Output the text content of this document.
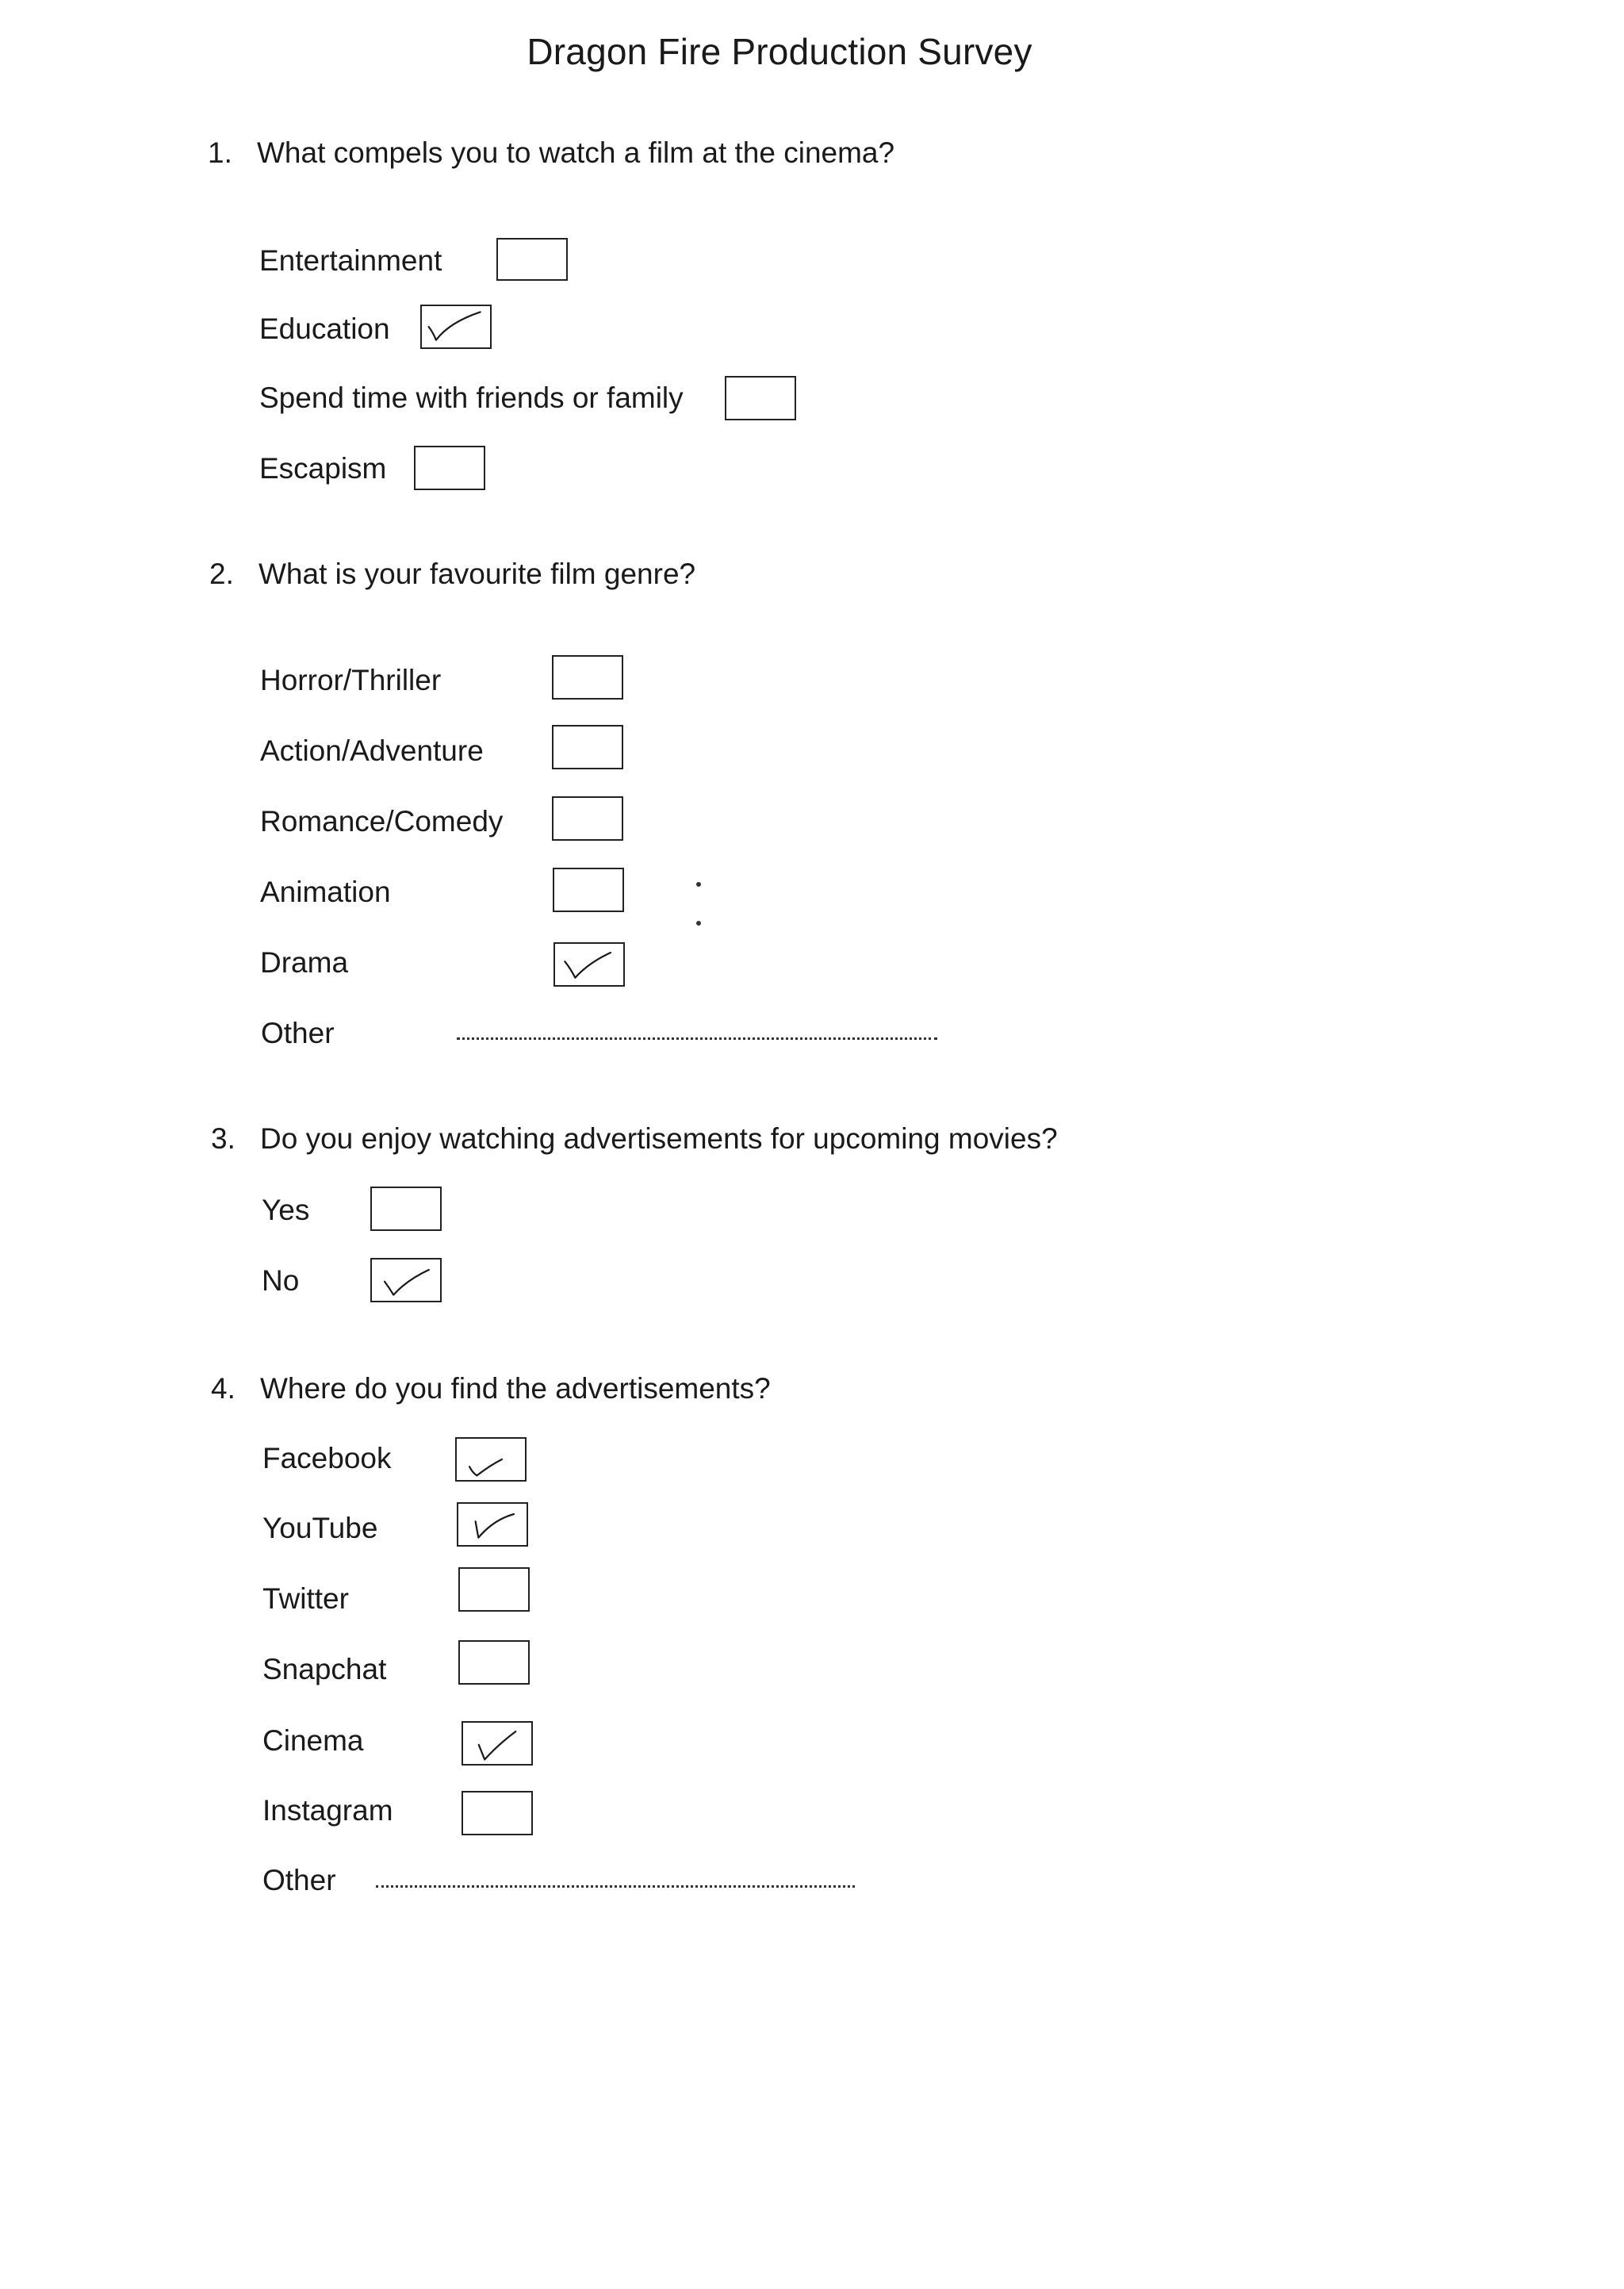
Dragon Fire Production Survey
1. What compels you to watch a film at the cinema?
Entertainment
Education
Spend time with friends or family
Escapism
2. What is your favourite film genre?
Horror/Thriller
Action/Adventure
Romance/Comedy
Animation
Drama
Other
3. Do you enjoy watching advertisements for upcoming movies?
Yes
No
4. Where do you find the advertisements?
Facebook
YouTube
Twitter
Snapchat
Cinema
Instagram
Other
